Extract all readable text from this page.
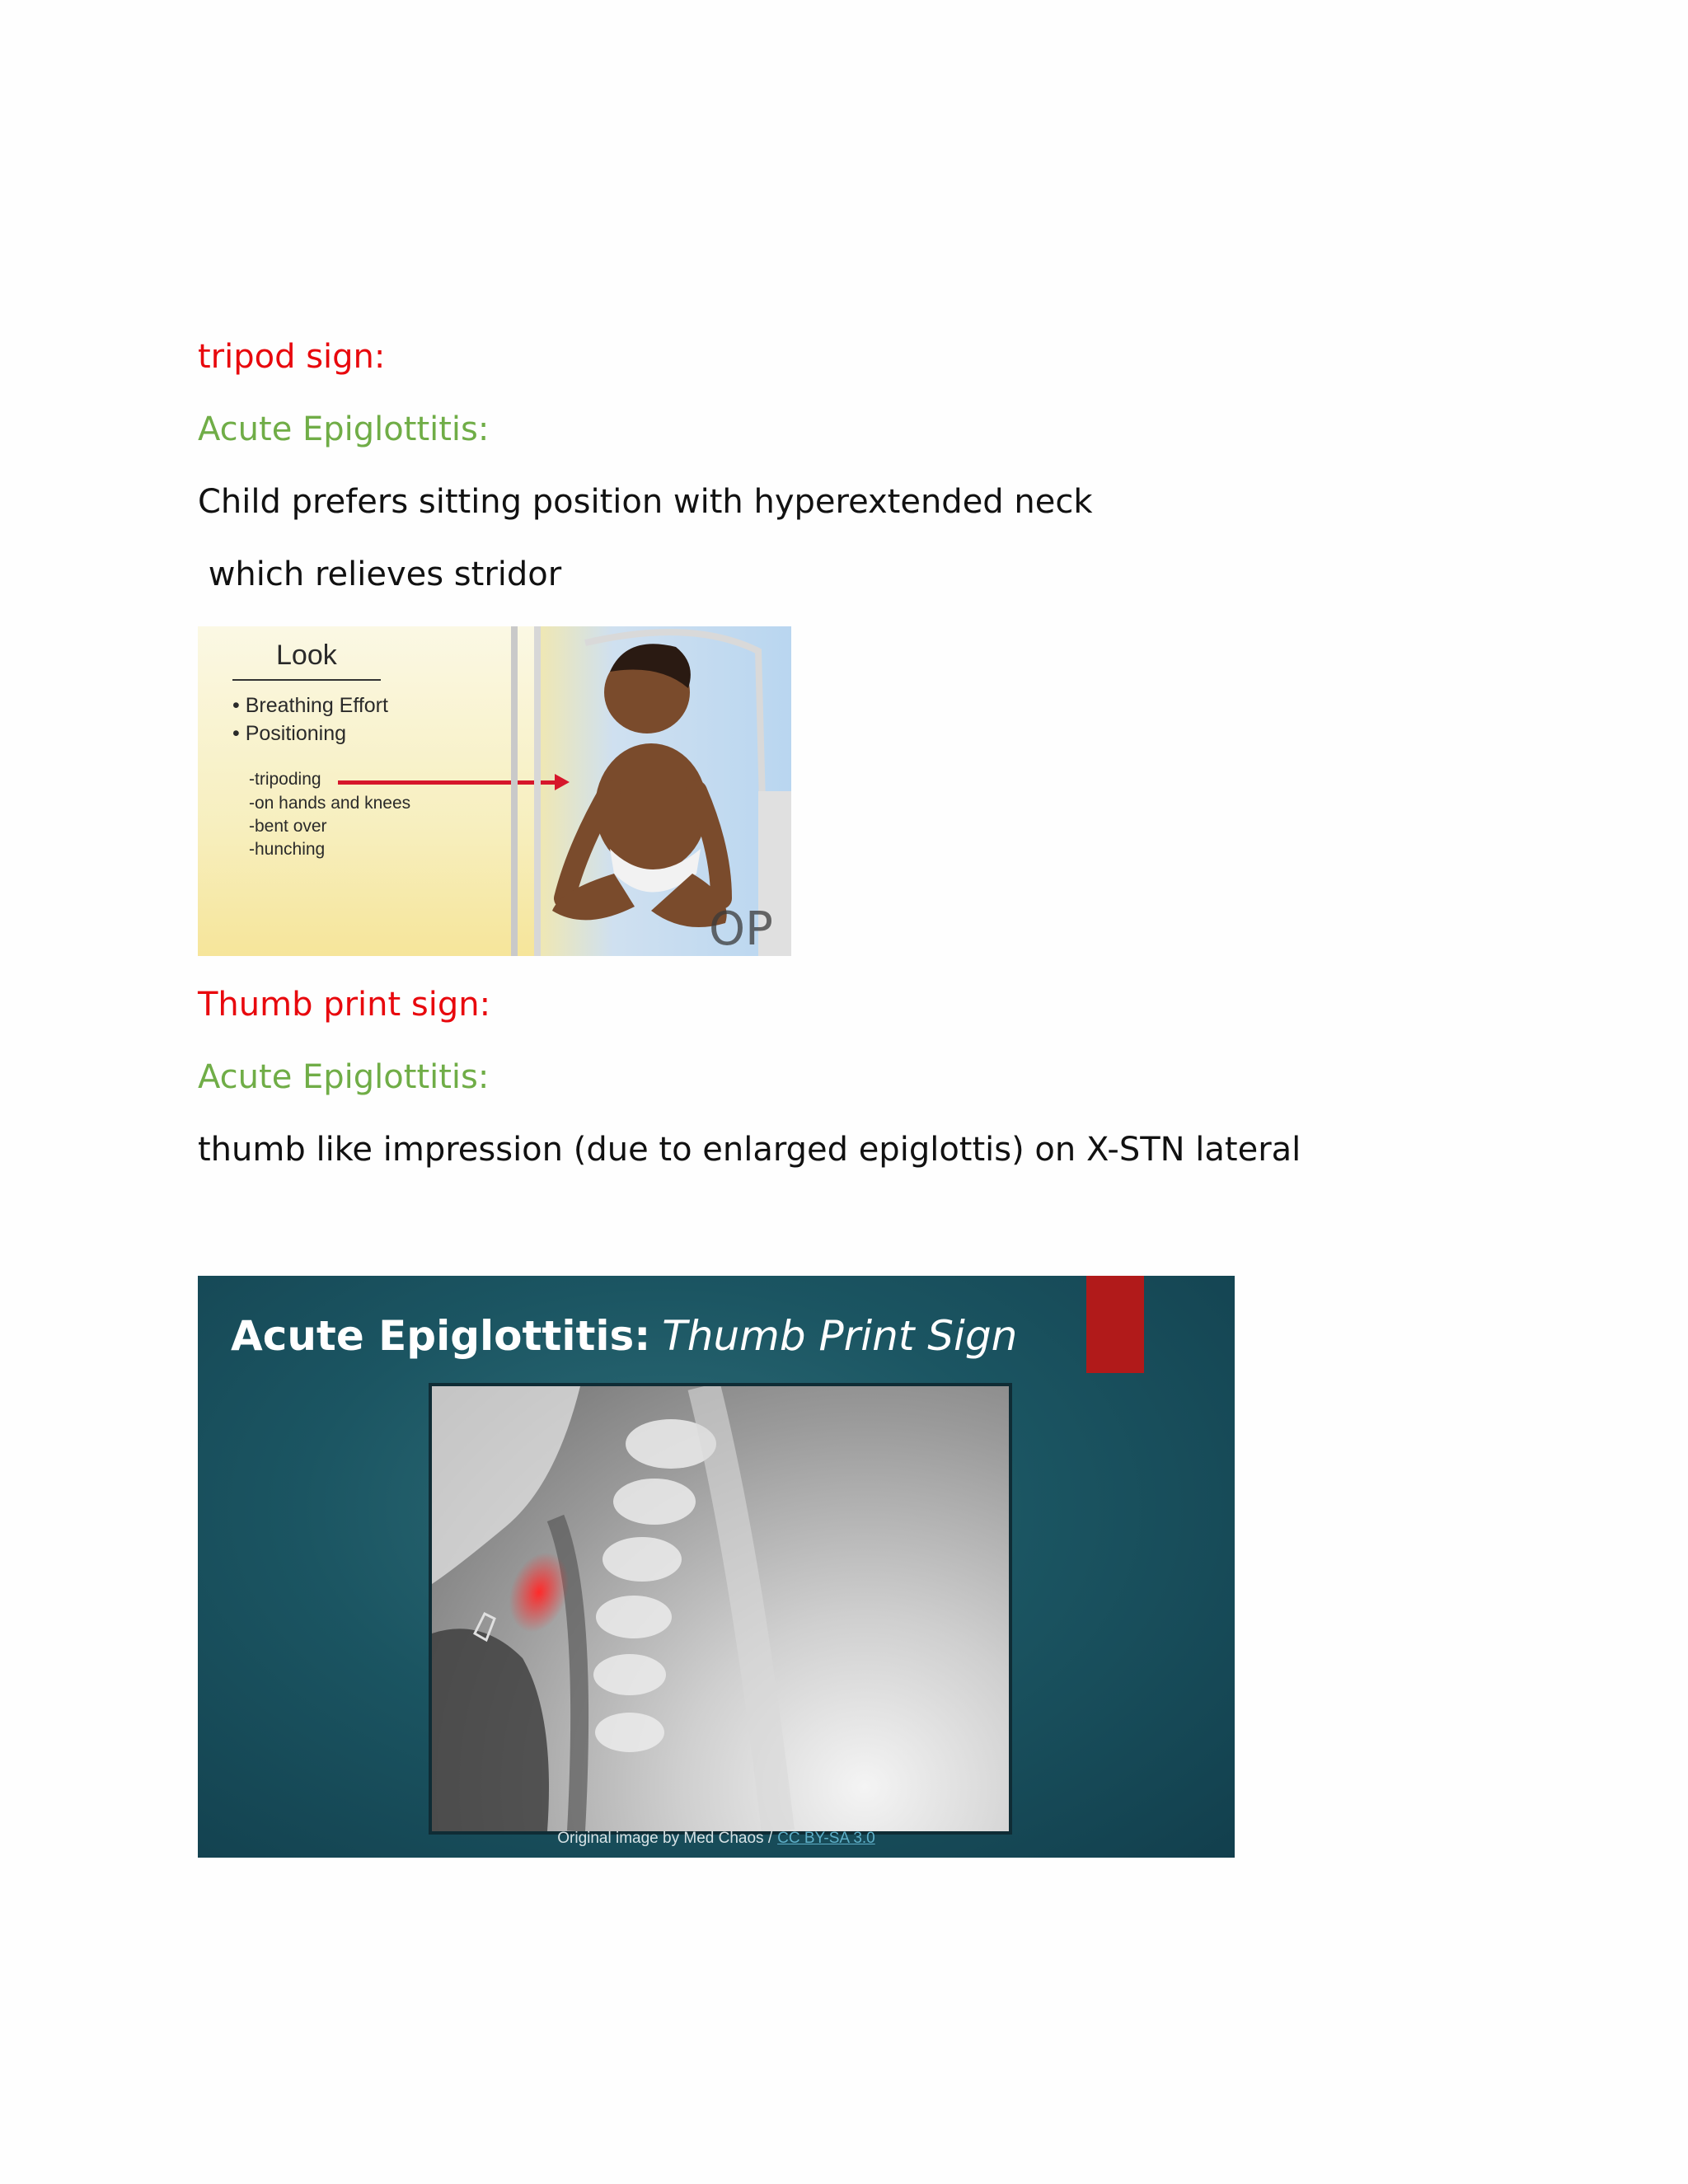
tripod sign:
Acute Epiglottitis:
Child prefers sitting position with hyperextended neck
which relieves stridor
Look
• Breathing Effort
• Positioning
-tripoding
-on hands and knees
-bent over
-hunching
OP
Thumb print sign:
Acute Epiglottitis:
thumb like impression (due to enlarged epiglottis) on X-STN lateral
Acute Epiglottitis: Thumb Print Sign
Original image by Med Chaos / CC BY-SA 3.0
